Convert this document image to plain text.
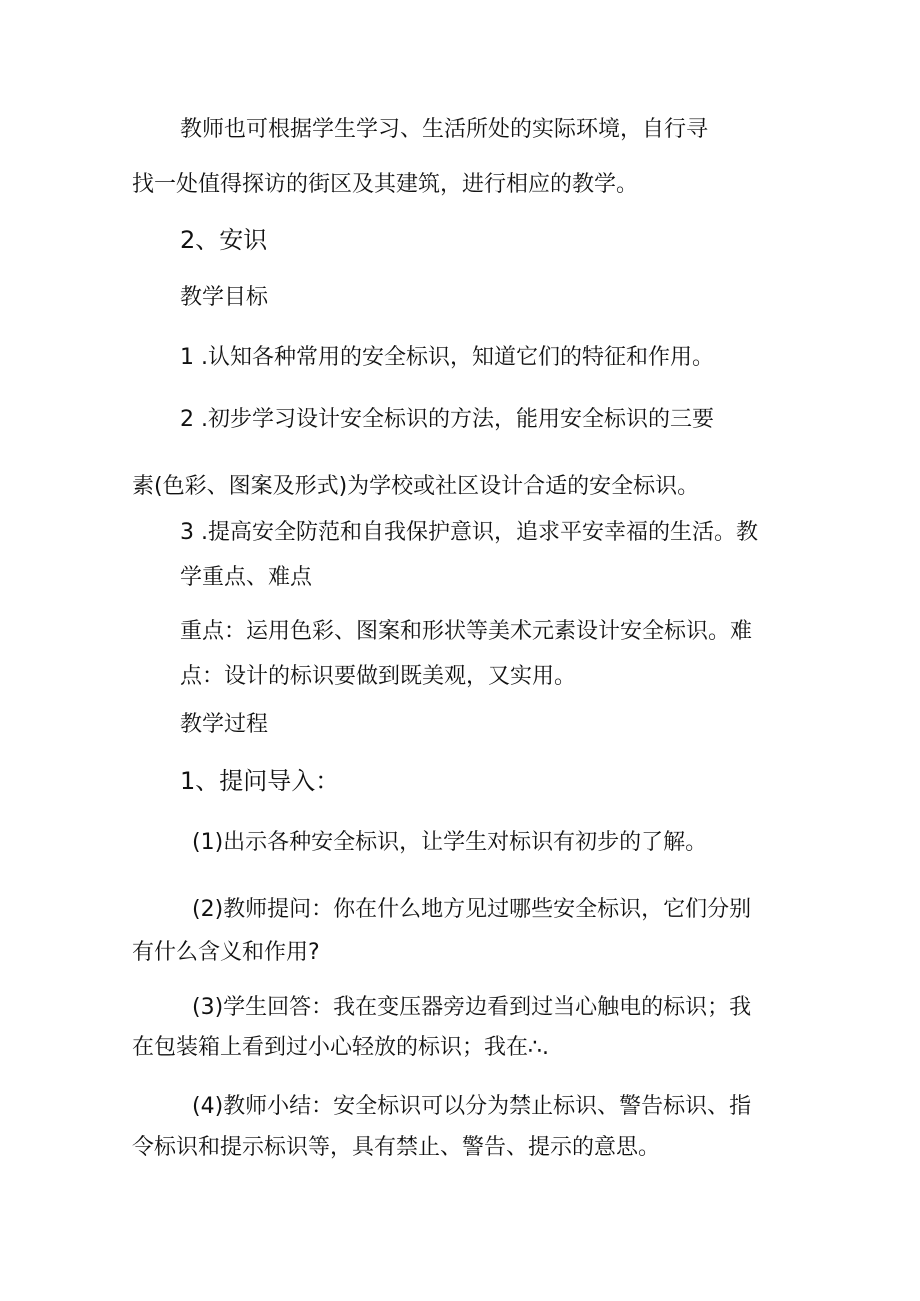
教师也可根据学生学习、生活所处的实际环境，自行寻
找一处值得探访的街区及其建筑，进行相应的教学。
2、安识
教学目标
1 .认知各种常用的安全标识，知道它们的特征和作用。
2 .初步学习设计安全标识的方法，能用安全标识的三要
素(色彩、图案及形式)为学校或社区设计合适的安全标识。
3 .提高安全防范和自我保护意识，追求平安幸福的生活。教
学重点、难点
重点：运用色彩、图案和形状等美术元素设计安全标识。难
点：设计的标识要做到既美观，又实用。
教学过程
1、提问导入：
(1)出示各种安全标识，让学生对标识有初步的了解。
(2)教师提问：你在什么地方见过哪些安全标识，它们分别
有什么含义和作用?
(3)学生回答：我在变压器旁边看到过当心触电的标识；我
在包装箱上看到过小心轻放的标识；我在∴.
(4)教师小结：安全标识可以分为禁止标识、警告标识、指
令标识和提示标识等，具有禁止、警告、提示的意思。
